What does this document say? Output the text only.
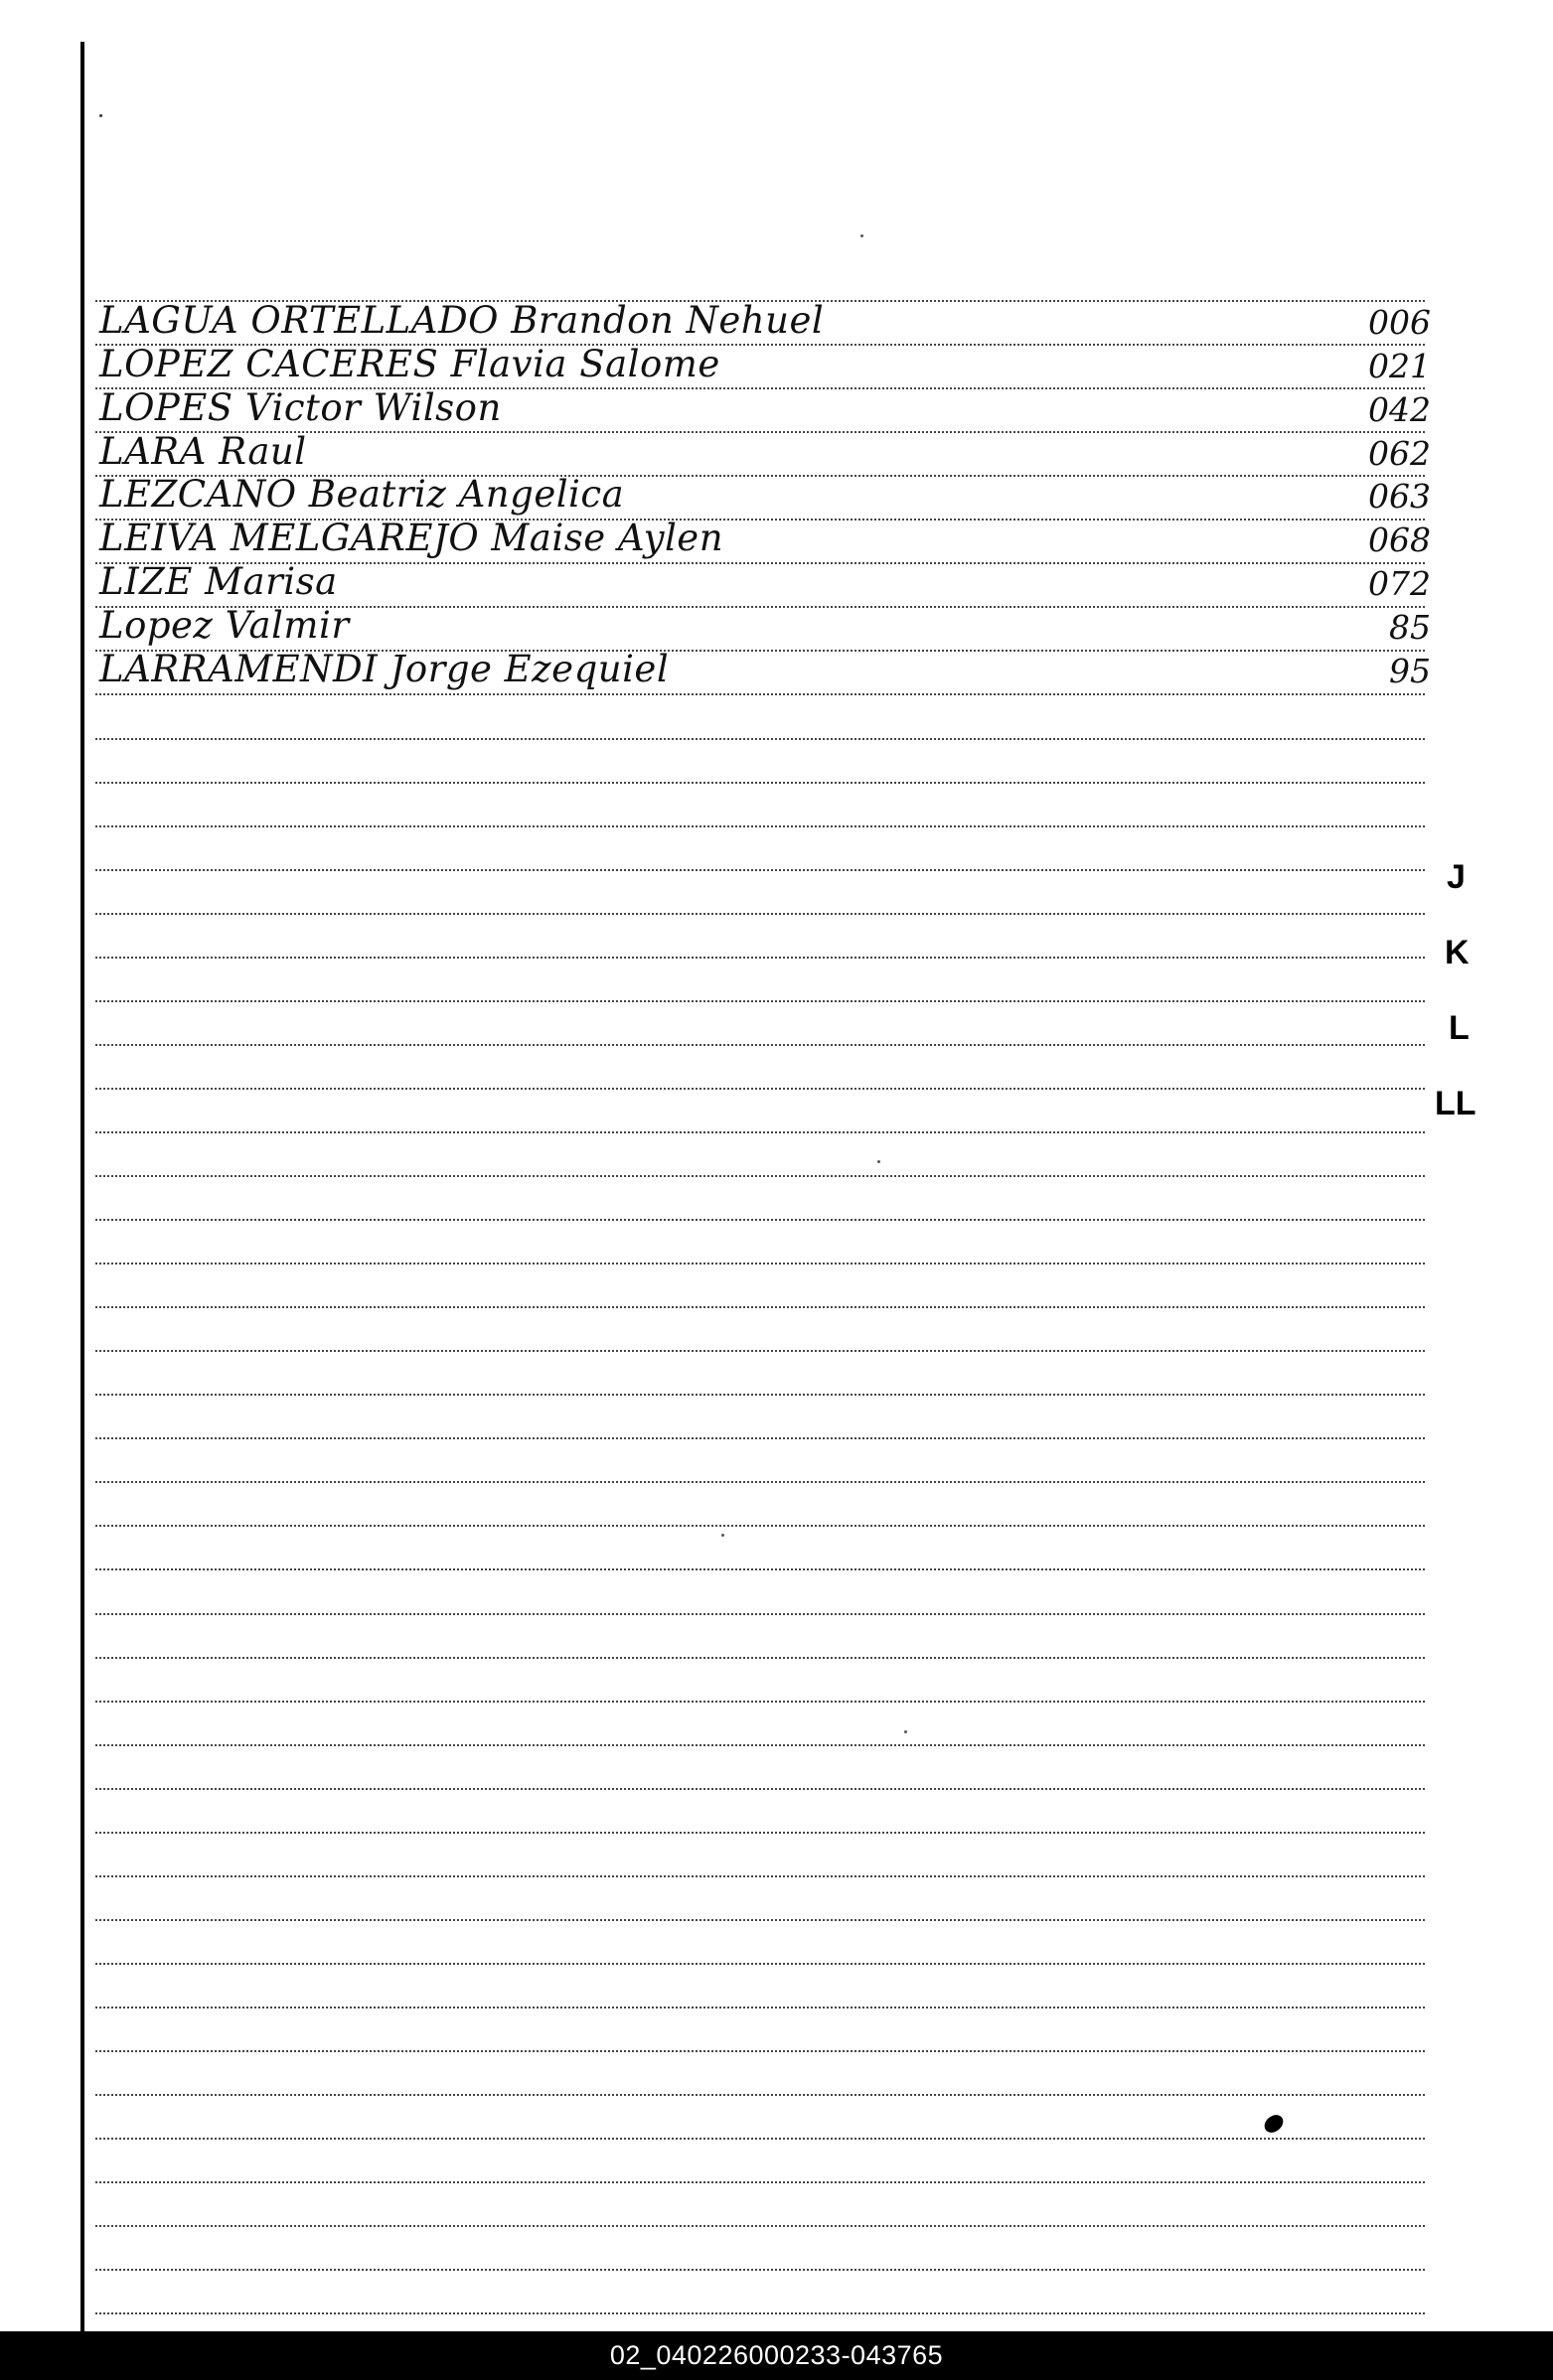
LAGUA ORTELLADO Brandon Nehuel	006
LOPEZ CACERES Flavia Salome	021
LOPES Victor Wilson	042
LARA Raul	062
LEZCANO Beatriz Angelica	063
LEIVA MELGAREJO Maise Aylen	068
LIZE Marisa	072
Lopez Valmir	85
LARRAMENDI Jorge Ezequiel	95
J
K
L
LL
02_040226000233-043765
